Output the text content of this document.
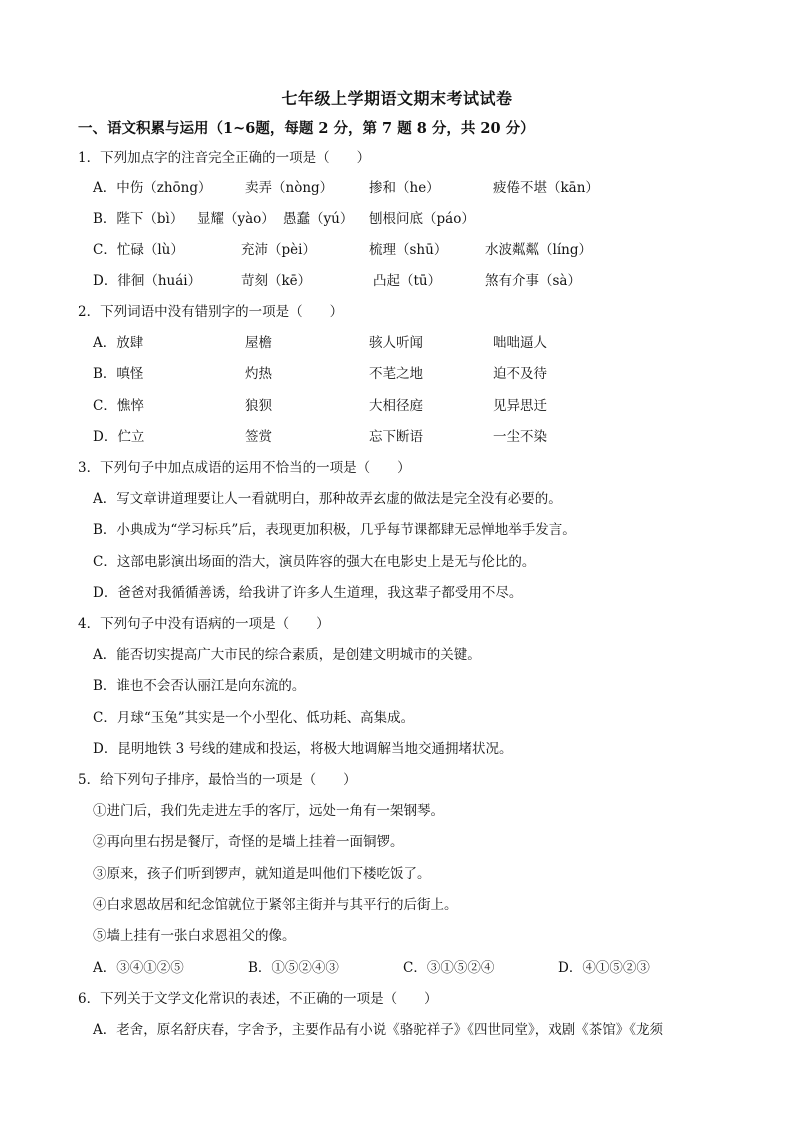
七年级上学期语文期末考试试卷
一、语文积累与运用（1~6题，每题 2 分，第 7 题 8 分，共 20 分）
1．下列加点字的注音完全正确的一项是（　　）
A．中伤（zhōng） 卖弄（nòng）	掺和（he）	疲倦不堪（kān）
B．陛下（bì） 显耀（yào） 愚蠢（yú） 刨根问底（páo）
C．忙碌（lù）	充沛（pèi）	梳理（shū）	水波粼粼（líng）
D．徘徊（huái）	苛刻（kē）	凸起（tū）	煞有介事（sà）
2．下列词语中没有错别字的一项是（　　）
A．放肆	屋檐	骇人听闻	咄咄逼人
B．嗔怪	灼热	不芼之地	迫不及待
C．憔悴	狼狈	大相径庭	见异思迁
D．伫立	签赏	忘下断语	一尘不染
3．下列句子中加点成语的运用不恰当的一项是（　　）
A．写文章讲道理要让人一看就明白，那种故弄玄虚的做法是完全没有必要的。
B．小典成为“学习标兵”后，表现更加积极，几乎每节课都肆无忌惮地举手发言。
C．这部电影演出场面的浩大，演员阵容的强大在电影史上是无与伦比的。
D．爸爸对我循循善诱，给我讲了许多人生道理，我这辈子都受用不尽。
4．下列句子中没有语病的一项是（　　）
A．能否切实提高广大市民的综合素质，是创建文明城市的关键。
B．谁也不会否认丽江是向东流的。
C．月球“玉兔”其实是一个小型化、低功耗、高集成。
D．昆明地铁 3 号线的建成和投运，将极大地调解当地交通拥堵状况。
5．给下列句子排序，最恰当的一项是（　　）
①进门后，我们先走进左手的客厅，远处一角有一架钢琴。
②再向里右拐是餐厅，奇怪的是墙上挂着一面铜锣。
③原来，孩子们听到锣声，就知道是叫他们下楼吃饭了。
④白求恩故居和纪念馆就位于紧邻主街并与其平行的后街上。
⑤墙上挂有一张白求恩祖父的像。
A．③④①②⑤	B．①⑤②④③	C．③①⑤②④	D．④①⑤②③
6．下列关于文学文化常识的表述，不正确的一项是（　　）
A．老舍，原名舒庆春，字舍予，主要作品有小说《骆驼祥子》《四世同堂》，戏剧《茶馆》《龙须
